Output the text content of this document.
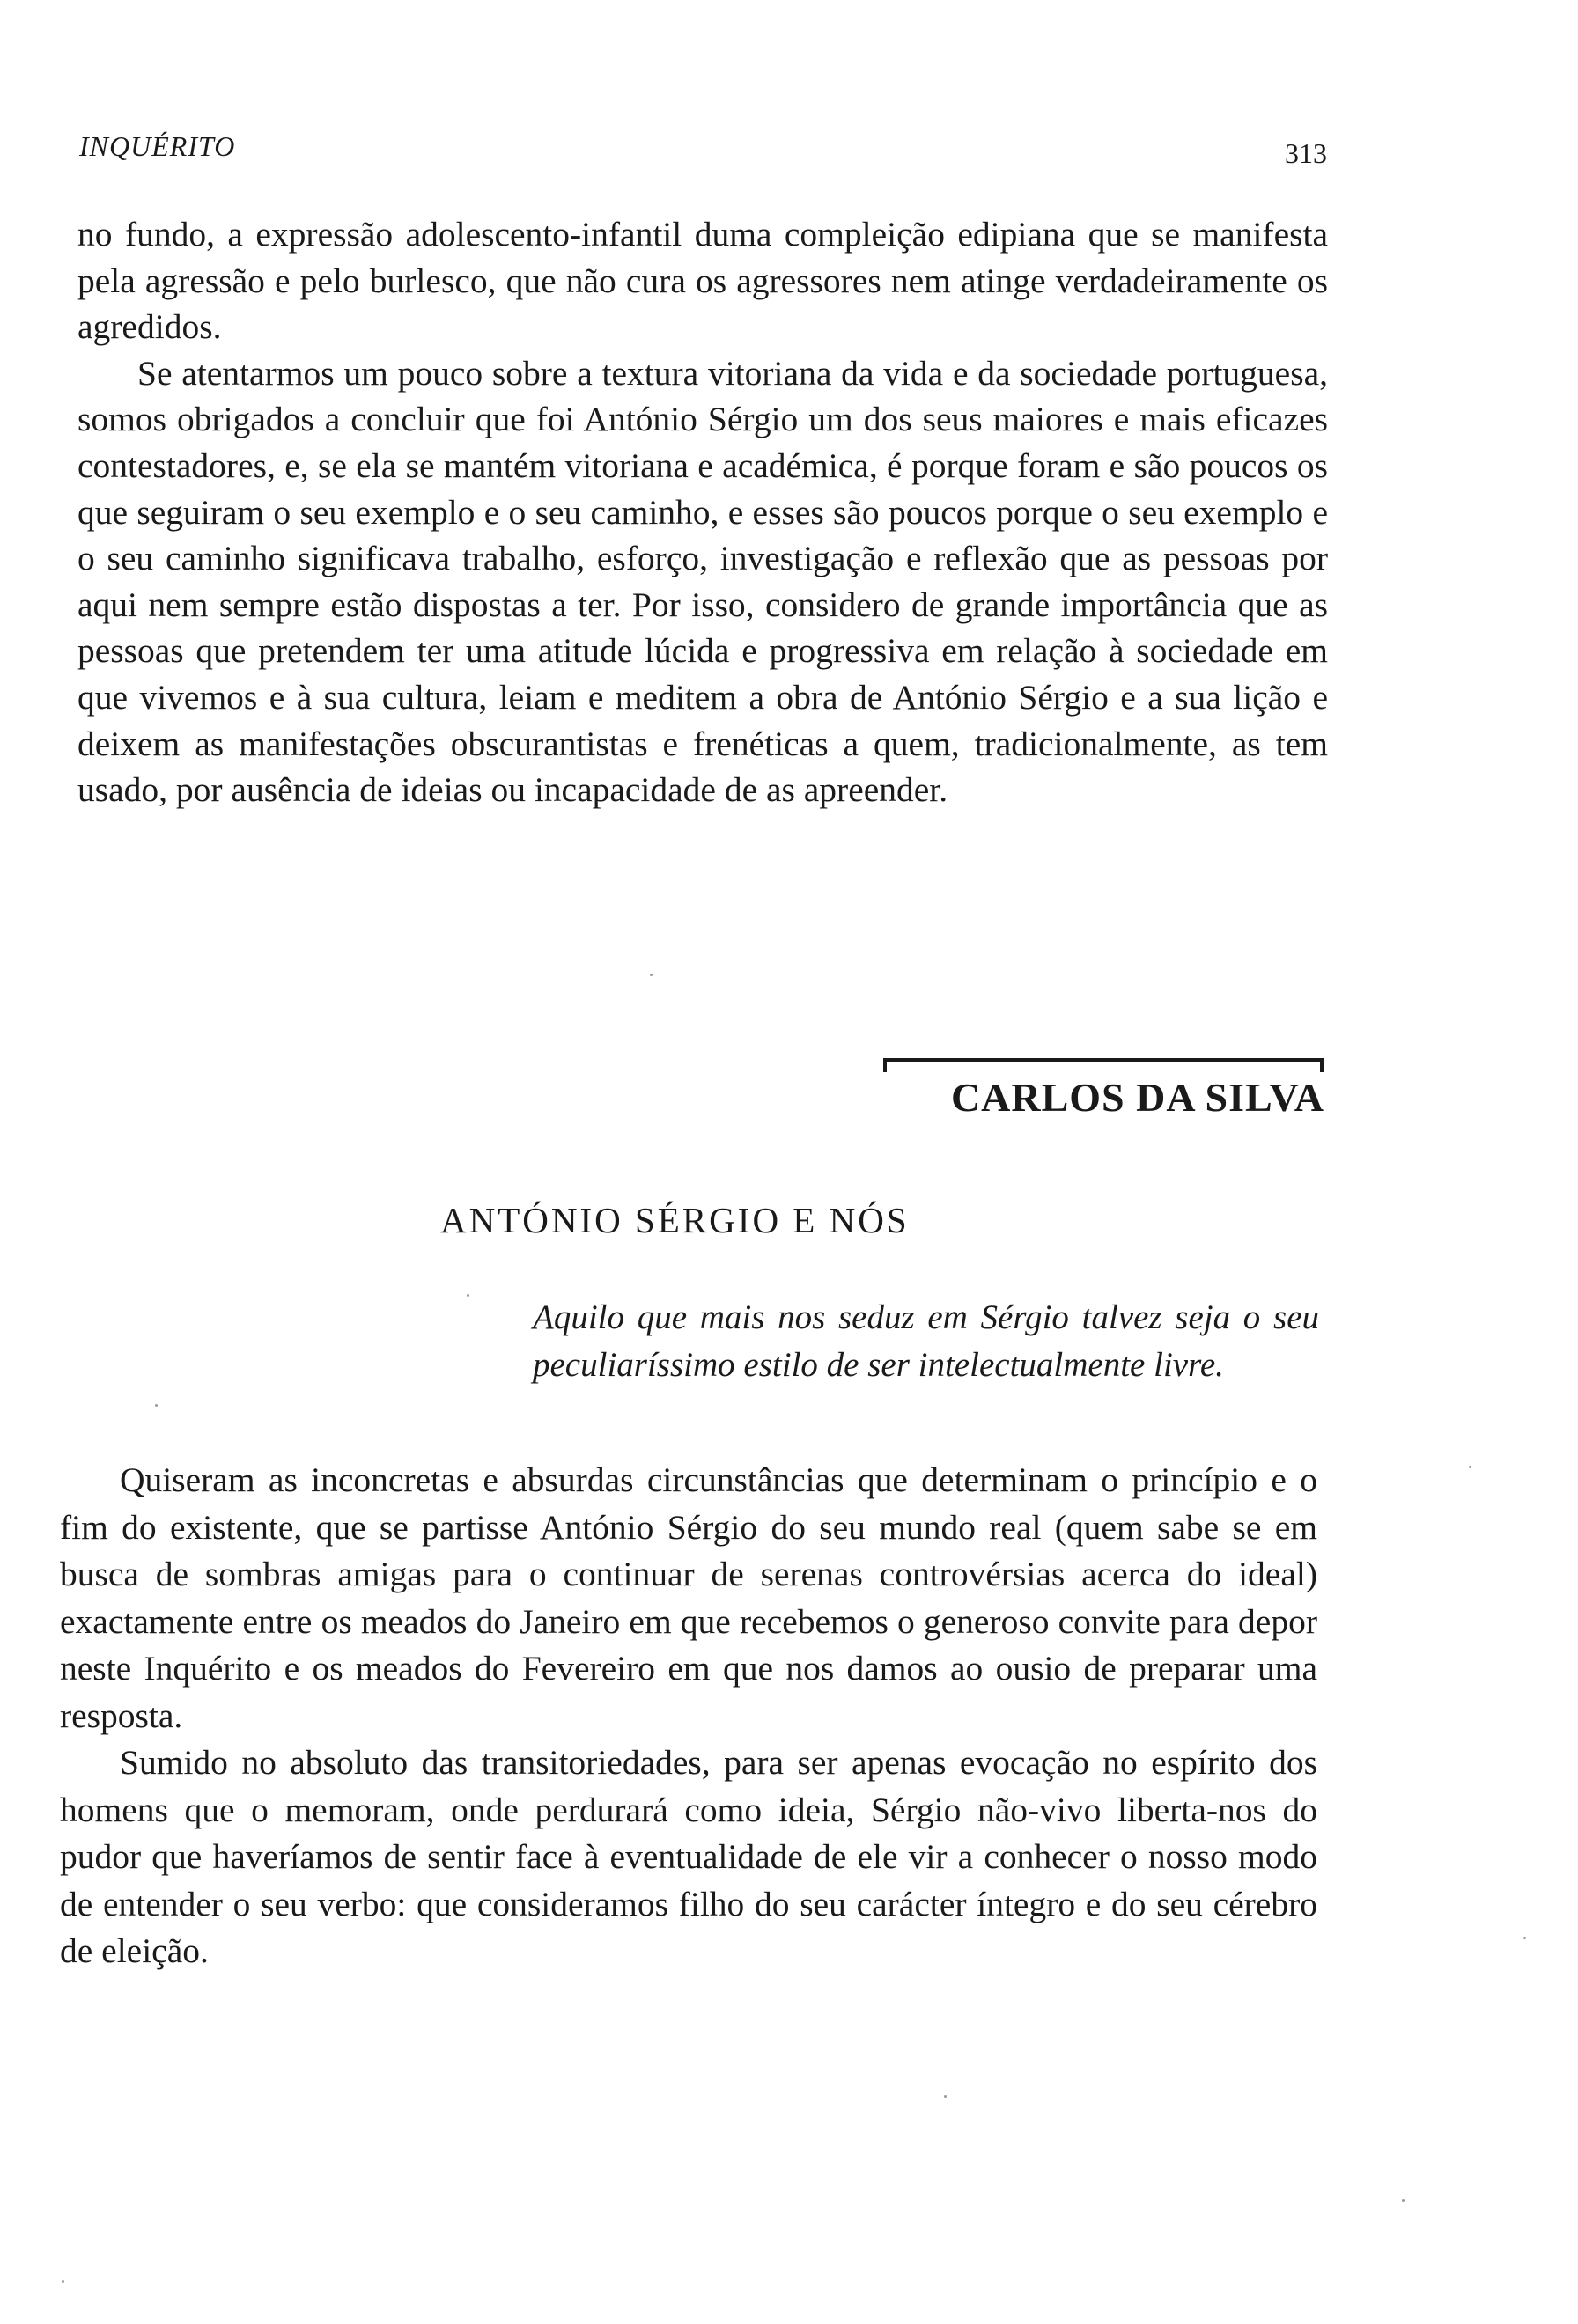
INQUÉRITO	313

no fundo, a expressão adolescento-infantil duma compleição edipiana que se manifesta pela agressão e pelo burlesco, que não cura os agressores nem atinge verdadeiramente os agredidos.

Se atentarmos um pouco sobre a textura vitoriana da vida e da sociedade portuguesa, somos obrigados a concluir que foi António Sérgio um dos seus maiores e mais eficazes contestadores, e, se ela se mantém vitoriana e académica, é porque foram e são poucos os que seguiram o seu exemplo e o seu caminho, e esses são poucos porque o seu exemplo e o seu caminho significava trabalho, esforço, investigação e reflexão que as pessoas por aqui nem sempre estão dispostas a ter. Por isso, considero de grande importância que as pessoas que pretendem ter uma atitude lúcida e progressiva em relação à sociedade em que vivemos e à sua cultura, leiam e meditem a obra de António Sérgio e a sua lição e deixem as manifestações obscurantistas e frenéticas a quem, tradicionalmente, as tem usado, por ausência de ideias ou incapacidade de as apreender.

CARLOS DA SILVA
ANTÓNIO SÉRGIO E NÓS

Aquilo que mais nos seduz em Sérgio talvez seja o seu peculiaríssimo estilo de ser intelectualmente livre.

Quiseram as inconcretas e absurdas circunstâncias que determinam o princípio e o fim do existente, que se partisse António Sérgio do seu mundo real (quem sabe se em busca de sombras amigas para o continuar de serenas controvérsias acerca do ideal) exactamente entre os meados do Janeiro em que recebemos o generoso convite para depor neste Inquérito e os meados do Fevereiro em que nos damos ao ousio de preparar uma resposta.

Sumido no absoluto das transitoriedades, para ser apenas evocação no espírito dos homens que o memoram, onde perdurará como ideia, Sérgio não-vivo liberta-nos do pudor que haveríamos de sentir face à eventualidade de ele vir a conhecer o nosso modo de entender o seu verbo: que consideramos filho do seu carácter íntegro e do seu cérebro de eleição.
